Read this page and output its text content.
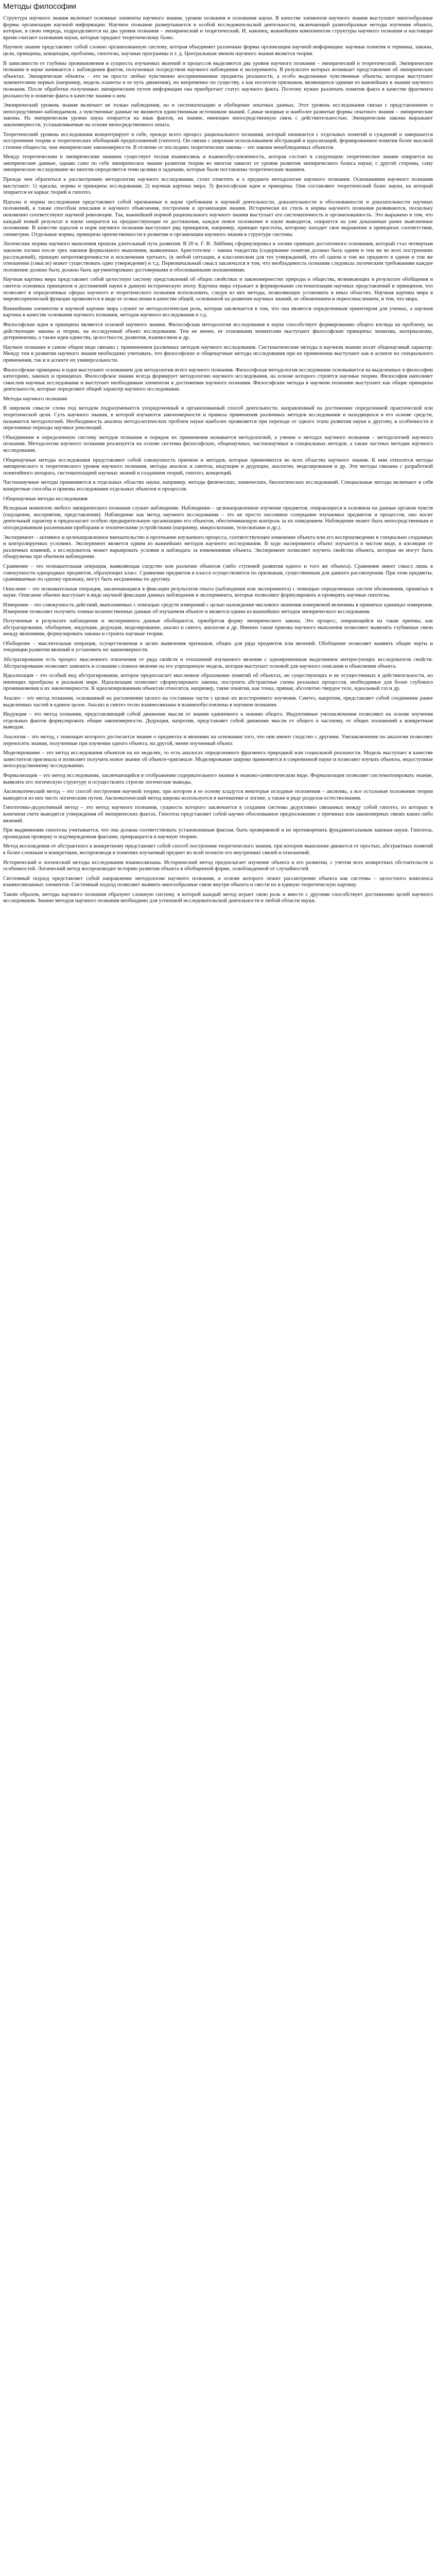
Методы философии

Структура научного знания включает основные элементы научного знания, уровни познания и основания науки. В качестве элементов научного знания выступают многообразные формы организации научной информации. Научное познание развертывается в особой исследовательской деятельности, включающей разнообразные методы изучения объекта, которые, в свою очередь, подразделяются на два уровня познания – эмпирический и теоретический. И, наконец, важнейшим компонентом структуры научного познания и настоящее время считают основания науки, которые придают теоретическому базис.

Научное знание представляет собой сложно организованную систему, которая объединяет различные формы организации научной информации: научные понятия и термины, законы, цели, принципы, концепции, проблемы, гипотезы, научные программы и т. д. Центральным звеном научного знания является теория.

В зависимости от глубины проникновения в сущность изучаемых явлений и процессов выделяются два уровня научного познания – эмпирический и теоретический. Эмпирическое познание в науке начинается с наблюдения фактов, полученных посредством научного наблюдения и эксперимента. В результате которых возникает представление об эмпирических объектах. Эмпирические объекты – это не просто любые чувственно воспринимаемые предметы реальности, а особо выделенные чувственные объекты, которые выступают заменителями первых (например, модель планеты и ее путь движения), но непременно по существу, а как носители признаков, являющихся одними из важнейших в знании научного познания. После обработки полученных эмпирическим путем информации она приобретает статус научного факта. Поэтому нужно различать понятия факта в качестве фрагмента реальности и понятие факта в качестве знания о нем.

Эмпирический уровень знания включает не только наблюдения, но и систематизацию и обобщение опытных данных. Этот уровень исследования связан с представлением о непосредственно наблюдаемом, а чувственные данные не являются единственным источником знаний. Самые мощные и наиболее развитые формы опытного знания – эмпирические законы. На эмпирическом уровне наука опирается на язык фактов, на знание, имеющее непосредственную связь с действительностью. Эмпирические законы выражают закономерности, устанавливаемые на основе непосредственного опыта.

Теоретический уровень исследования концентрирует в себе, прежде всего процесс рационального познания, который начинается с отдельных понятий и суждений и завершается построением теории и теоретических обобщений предположений (гипотез). Он связан с широким использованием абстракций и идеализаций, формированием понятия более высокой степени общности, чем эмпирические закономерности. В отличие от последних теоретические законы – это законы ненаблюдаемых объектов.

Между теоретическим и эмпирическим знанием существует тесная взаимосвязь и взаимообусловленность, которая состоит в следующем: теоретическое знание опирается на эмпирические данные, однако само по себе эмпирическое знание развития теории во многом зависит от уровня развития эмпирического базиса науки; с другой стороны, саму эмпирическое исследование во многом определяется теми целями и задачами, которые были поставлены теоретическим знанием.

Прежде чем обратиться к рассмотрению методологии научного исследования, стоит отметить и о предмете методологии научного познания. Основаниями научного познания выступают: 1) идеалы, нормы и принципы исследования; 2) научная картина мира; 3) философские идеи и принципы. Они составляют теоретический базис науки, на который опирается ее каркас теорий и гипотез.

Идеалы и нормы исследования представляют собой признанные в науке требования к научной деятельности, доказательности и обоснованности и доказательности научных положений, к также способам описания и научного объяснения, построения и организации знания. Исторически их стиль и нормы научного познания развиваются, поскольку неизменно соответствуют научной революции. Так, важнейшей нормой рационального научного знания выступает его систематичность и организованность. Это выражено в том, что каждый новый результат в науке опирается на предшествующие ее достижения, каждое новое положение в науке выводится, опирается на уже доказанные ранее выясненные положения. В качестве идеалов и норм научного познания выступают ряд принципов, например, принцип простоты, которому находит свое выражение в принципах соответствия, симметрии. Отдельные нормы, принципы преемственности в развитии и организации научного знания в структуре системы.

Логические нормы научного мышления прошли длительный путь развития. В 20 в. Г. В. Лейбниц сформулировал в логике принцип достаточного основания, который стал четвертым законом логики после трех законов формального мышления, выявленных Аристотелем – закона тождества (содержание понятия должно быть одним и тем же во всех построениях рассуждений), принцип непротиворечивости и исключения третьего, (в любой ситуации, в классическом для тех утверждений, что об одном и том же предмете в одном и том же отношении (смысле) может существовать одно утверждение) и т.д. Первоначальный смысл заключался в том, что необходимость познания следовала логическим требованиям каждое положение должно быть должно быть аргументировано достоверными и обоснованными положениями.

Научная картина мира представляет собой целостную систему представлений об общих свойствах и закономерностях природы и общества, возникающих в результате обобщения и синтеза основных принципов и достижений науки в данную историческую эпоху. Картина мира отражает в формирование систематизации научных представлений и принципов, что позволяет в определенных сферах научного и теоретического познания использовать, следуя из них методы, позволяющих установить в иных областях. Научная картина мира в мировоззренческой функции проявляется в виде ее осмысления в качестве общей, основанной на развитии научных знаний, ее обновлением и переосмыслением, и тем, что мира.

Важнейшим элементом в научной картине мира служит ее методологическая роль, которая заключается в том, что она является определенным ориентиром для ученых, а научная картина в качестве основания научного познания, методов научного исследования и т.д.

Философские идеи и принципы являются основой научного знания. Философская методология исследования в науке способствует формированию общего взгляда на проблему, на действующие законы и теории, на исследуемый объект исследования. Тем не менее, ее основными моментами выступают философские принципы: монизма, материализма, детерминизма, а также идеи единства, целостности, развития, взаимосвязи и др.

Научное познание в самом общем виде связано с применением различных методов научного исследования. Систематические методы в научном знании носят общенаучный характер. Между тем в развитии научного знания необходимо учитывать, что философские и общенаучные методы исследования при их применении выступают как в аспекте их специального применения, так и в аспекте их универсальности.

Философские принципы и идеи выступают основанием для методологии всего научного познания. Философская методология исследования основывается на выделенных в философии категориях, законах и принципах. Философское знание всегда формирует методологию научного исследования, на основе которого строятся научные теории. Философия наполняет смыслом научные исследования и выступает необходимым элементом в достижении научного познания. Философские методы в научном познании выступают как общие принципы деятельности, которые определяют общий характер научного исследования.

Методы научного познания

В широком смысле слова под методом подразумевается упорядоченный и организованный способ деятельности, направленный на достижение определенной практической или теоретической цели. Суть научного знания, в которой изучаются закономерности и правила применения различных методов исследования и находящихся в его основе средств, называется методологией. Необходимость анализа методологических проблем науки наиболее проявляется при переходе от одного этапа развития науки к другому, в особенности в переломные периоды научных революций.

Объединение в определенную систему методов познания и порядок их применения называется методологией, а учение о методах научного познания – методологией научного познания. Методология научного познания реализуется на основе системы философских, общенаучных, частнонаучных и специальных методов, а также частных методик научного исследования.

Общенаучные методы исследования представляют собой совокупность приемов и методов, которые применяются во всех областях научного знания. К ним относятся методы эмпирического и теоретического уровня научного познания, методы анализа и синтеза, индукции и дедукции, аналогии, моделирования и др. Эти методы связаны с разработкой понятийного аппарата, систематизацией научных знаний и созданием теорий, гипотез, концепций.

Частнонаучные методы применяются в отдельных областях науки, например, методы физических, химических, биологических исследований. Специальные методы включают в себя конкретные способы и приемы исследования отдельных объектов и процессов.

Общенаучные методы исследования

Исходным моментом любого эмпирического познания служит наблюдение. Наблюдение – целенаправленное изучение предметов, опирающееся в основном на данные органов чувств (ощущения, восприятия, представления). Наблюдение как метод научного исследования – это не просто пассивное созерцание изучаемых предметов и процессов, оно носит деятельный характер и предполагает особую предварительную организацию его объектов, обеспечивающую контроль за их поведением. Наблюдение может быть непосредственным и опосредованным различными приборами и техническими устройствами (например, микроскопами, телескопами и др.).

Эксперимент – активное и целенаправленное вмешательство в протекание изучаемого процесса, соответствующее изменение объекта или его воспроизведение в специально созданных и контролируемых условиях. Эксперимент является одним из важнейших методов научного исследования. В ходе эксперимента объект изучается в чистом виде, в изоляции от различных влияний, а исследователь может варьировать условия и наблюдать за изменениями объекта. Эксперимент позволяет изучить свойства объекта, которые не могут быть обнаружены при обычном наблюдении.

Сравнение – это познавательная операция, выявляющая сходство или различие объектов (либо ступеней развития одного и того же объекта). Сравнение имеет смысл лишь в совокупности однородных предметов, образующих класс. Сравнение предметов в классе осуществляется по признакам, существенным для данного рассмотрения. При этом предметы, сравниваемые по одному признаку, могут быть несравнимы по другому.

Описание – это познавательная операция, заключающаяся в фиксации результатов опыта (наблюдения или эксперимента) с помощью определенных систем обозначения, принятых в науке. Описание обычно выступает в виде научной фиксации данных наблюдения и эксперимента, которые позволяют формулировать и проверять научные гипотезы.

Измерение – это совокупность действий, выполняемых с помощью средств измерений с целью нахождения числового значения измеряемой величины в принятых единицах измерения. Измерение позволяет получить точные количественные данные об изучаемом объекте и является одним из важнейших методов эмпирического исследования.

Полученные в результате наблюдения и эксперимента данные обобщаются, приобретая форму эмпирического закона. Это процесс, опирающийся на такие приемы, как абстрагирование, обобщение, индукция, дедукция, моделирование, анализ и синтез, аналогия и др. Именно такие приемы научного мышления позволяют выявлять глубинные связи между явлениями, формулировать законы и строить научные теории.

Обобщение – мыслительная операция, осуществляемая в целях выявления признаков, общих для ряда предметов или явлений. Обобщение позволяет выявить общие черты и тенденции развития явлений и установить их закономерности.

Абстрагирование есть процесс мысленного отвлечения от ряда свойств и отношений изучаемого явления с одновременным выделением интересующих исследователя свойств. Абстрагирование позволяет заменить в сознании сложное явление на его упрощенную модель, которая выступает основой для научного описания и объяснения объекта.

Идеализация – это особый вид абстрагирования, которое предполагает мысленное образование понятий об объектах, не существующих и не осуществимых в действительности, но имеющих прообразы в реальном мире. Идеализация позволяет сформулировать законы, построить абстрактные схемы реальных процессов, необходимые для более глубокого проникновения в их закономерности. К идеализированным объектам относятся, например, такие понятия, как точка, прямая, абсолютно твердое тело, идеальный газ и др.

Анализ – это метод познания, основанный на расчленении целого на составные части с целью их всестороннего изучения. Синтез, напротив, представляет собой соединение ранее выделенных частей в единое целое. Анализ и синтез тесно взаимосвязаны и взаимообусловлены в научном познании.

Индукция – это метод познания, представляющий собой движение мысли от знания единичного к знанию общего. Индуктивные умозаключения позволяют на основе изучения отдельных фактов формулировать общие закономерности. Дедукция, напротив, представляет собой движение мысли от общего к частному, от общих положений к конкретным выводам.

Аналогия – это метод, с помощью которого достигается знание о предметах и явлениях на основании того, что они имеют сходство с другими. Умозаключение по аналогии позволяет переносить знания, полученные при изучении одного объекта, на другой, менее изученный объект.

Моделирование – это метод исследования объектов на их моделях, то есть аналогах определенного фрагмента природной или социальной реальности. Модель выступает в качестве заместителя оригинала и позволяет получить новое знание об объекте-оригинале. Моделирование широко применяется в современной науке и позволяет изучать объекты, недоступные непосредственному исследованию.

Формализация – это метод исследования, заключающийся в отображении содержательного знания в знаково-символическом виде. Формализация позволяет систематизировать знание, выявлять его логическую структуру и осуществлять строгие логические выводы.

Аксиоматический метод – это способ построения научной теории, при котором в ее основу кладутся некоторые исходные положения – аксиомы, а все остальные положения теории выводятся из них чисто логическим путем. Аксиоматический метод широко используется в математике и логике, а также в ряде разделов естествознания.

Гипотетико-дедуктивный метод – это метод научного познания, сущность которого заключается в создании системы дедуктивно связанных между собой гипотез, из которых в конечном счете выводятся утверждения об эмпирических фактах. Гипотеза представляет собой научно обоснованное предположение о причинах или закономерных связях каких-либо явлений.

При выдвижении гипотезы учитывается, что она должна соответствовать установленным фактам, быть проверяемой и не противоречить фундаментальным законам науки. Гипотеза, прошедшая проверку и подтвержденная фактами, превращается в научную теорию.

Метод восхождения от абстрактного к конкретному представляет собой способ построения теоретического знания, при котором мышление движется от простых, абстрактных понятий к более сложным и конкретным, воспроизводя в понятиях изучаемый предмет во всей полноте его внутренних связей и отношений.

Исторический и логический методы исследования взаимосвязаны. Исторический метод предполагает изучение объекта в его развитии, с учетом всех конкретных обстоятельств и особенностей. Логический метод воспроизводит историю развития объекта в обобщенной форме, освобожденной от случайностей.

Системный подход представляет собой направление методологии научного познания, в основе которого лежит рассмотрение объекта как системы – целостного комплекса взаимосвязанных элементов. Системный подход позволяет выявить многообразные связи внутри объекта и свести их в единую теоретическую картину.

Таким образом, методы научного познания образуют сложную систему, в которой каждый метод играет свою роль и вместе с другими способствует достижению целей научного исследования. Знание методов научного познания необходимо для успешной исследовательской деятельности в любой области науки.
